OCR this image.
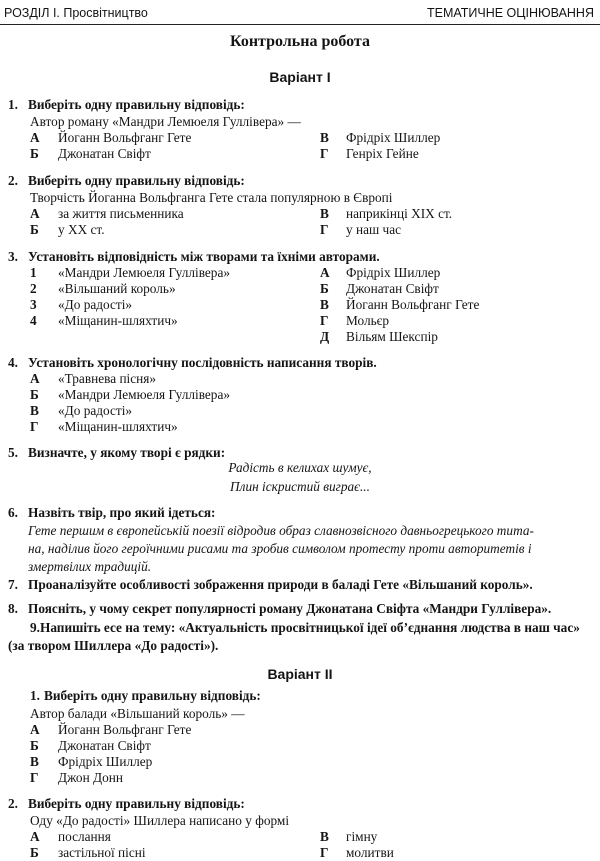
РОЗДІЛ І. Просвітництво	ТЕМАТИЧНЕ ОЦІНЮВАННЯ
Контрольна робота
Варіант І
1. Виберіть одну правильну відповідь:
Автор роману «Мандри Лемюеля Гуллівера» —
А Йоганн Вольфганг Гете
Б Джонатан Свіфт
В Фрідріх Шиллер
Г Генріх Гейне
2. Виберіть одну правильну відповідь:
Творчість Йоганна Вольфганга Гете стала популярною в Європі
А за життя письменника
Б у ХХ ст.
В наприкінці ХІХ ст.
Г у наш час
3. Установіть відповідність між творами та їхніми авторами.
1 «Мандри Лемюеля Гуллівера»
2 «Вільшаний король»
3 «До радості»
4 «Міщанин-шляхтич»
А Фрідріх Шиллер
Б Джонатан Свіфт
В Йоганн Вольфганг Гете
Г Мольєр
Д Вільям Шекспір
4. Установіть хронологічну послідовність написання творів.
А «Травнева пісня»
Б «Мандри Лемюеля Гуллівера»
В «До радості»
Г «Міщанин-шляхтич»
5. Визначте, у якому творі є рядки:
Радість в келихах шумує,
Плин іскристий виграє...
6. Назвіть твір, про який ідеться:
Гете першим в європейській поезії відродив образ славнозвісного давньогрецького тита-
на, наділив його героїчними рисами та зробив символом протесту проти авторитетів і
змертвілих традицій.
7. Проаналізуйте особливості зображення природи в баладі Гете «Вільшаний король».
8. Поясніть, у чому секрет популярності роману Джонатана Свіфта «Мандри Гуллівера».
9.Напишіть есе на тему: «Актуальність просвітницької ідеї об’єднання людства в наш час»
(за твором Шиллера «До радості»).
Варіант ІІ
1. Виберіть одну правильну відповідь:
Автор балади «Вільшаний король» —
А Йоганн Вольфганг Гете
Б Джонатан Свіфт
В Фрідріх Шиллер
Г Джон Донн
2. Виберіть одну правильну відповідь:
Оду «До радості» Шиллера написано у формі
А послання
Б застільної пісні
В гімну
Г молитви
